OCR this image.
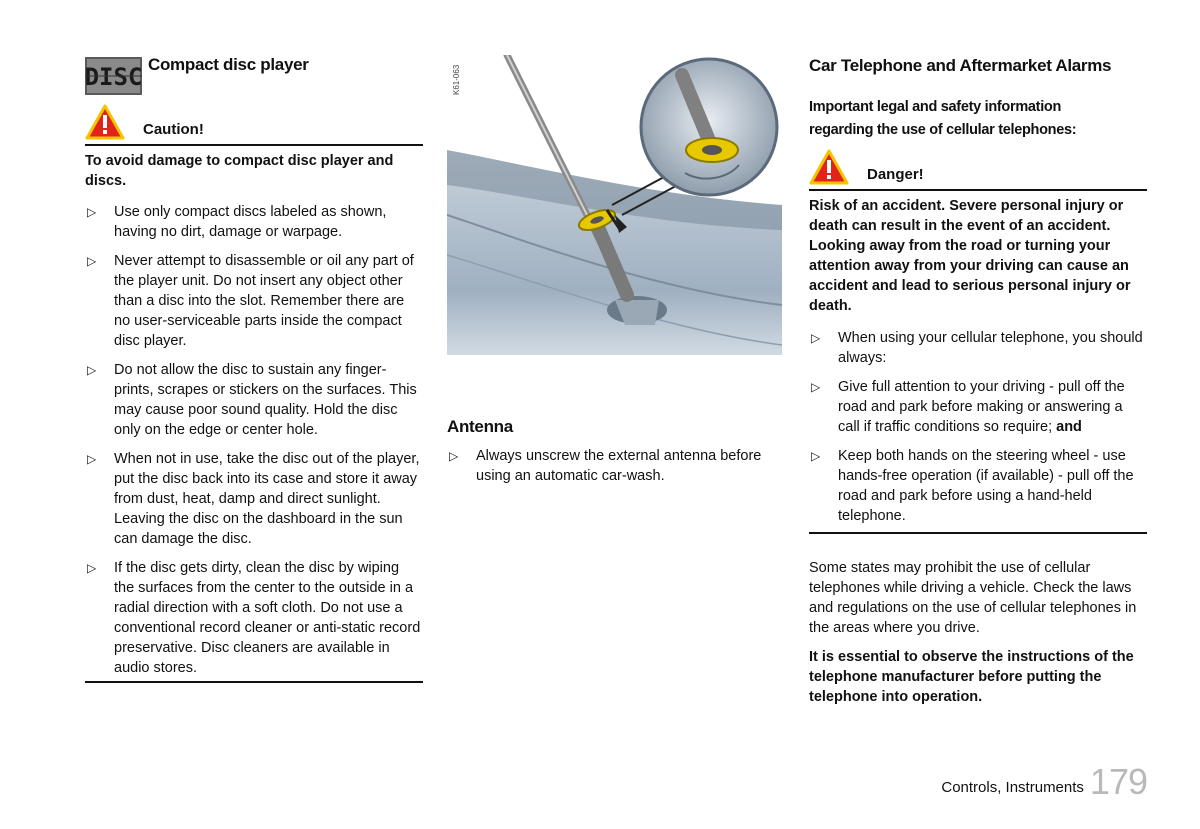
DISC Compact disc player
Caution!
To avoid damage to compact disc player and discs.
▷ Use only compact discs labeled as shown, having no dirt, damage or warpage.
▷ Never attempt to disassemble or oil any part of the player unit. Do not insert any object other than a disc into the slot. Remember there are no user-serviceable parts inside the compact disc player.
▷ Do not allow the disc to sustain any finger-prints, scrapes or stickers on the surfaces. This may cause poor sound quality. Hold the disc only on the edge or center hole.
▷ When not in use, take the disc out of the player, put the disc back into its case and store it away from dust, heat, damp and direct sunlight. Leaving the disc on the dashboard in the sun can damage the disc.
▷ If the disc gets dirty, clean the disc by wiping the surfaces from the center to the outside in a radial direction with a soft cloth. Do not use a conventional record cleaner or anti-static record preservative. Disc cleaners are available in audio stores.
K61-063
Antenna
▷ Always unscrew the external antenna before using an automatic car-wash.
Car Telephone and Aftermarket Alarms
Important legal and safety information regarding the use of cellular telephones:
Danger!
Risk of an accident. Severe personal injury or death can result in the event of an accident. Looking away from the road or turning your attention away from your driving can cause an accident and lead to serious personal injury or death.
▷ When using your cellular telephone, you should always:
▷ Give full attention to your driving - pull off the road and park before making or answering a call if traffic conditions so require; and
▷ Keep both hands on the steering wheel - use hands-free operation (if available) - pull off the road and park before using a hand-held telephone.
Some states may prohibit the use of cellular telephones while driving a vehicle. Check the laws and regulations on the use of cellular telephones in the areas where you drive.
It is essential to observe the instructions of the telephone manufacturer before putting the telephone into operation.
Controls, Instruments 179
